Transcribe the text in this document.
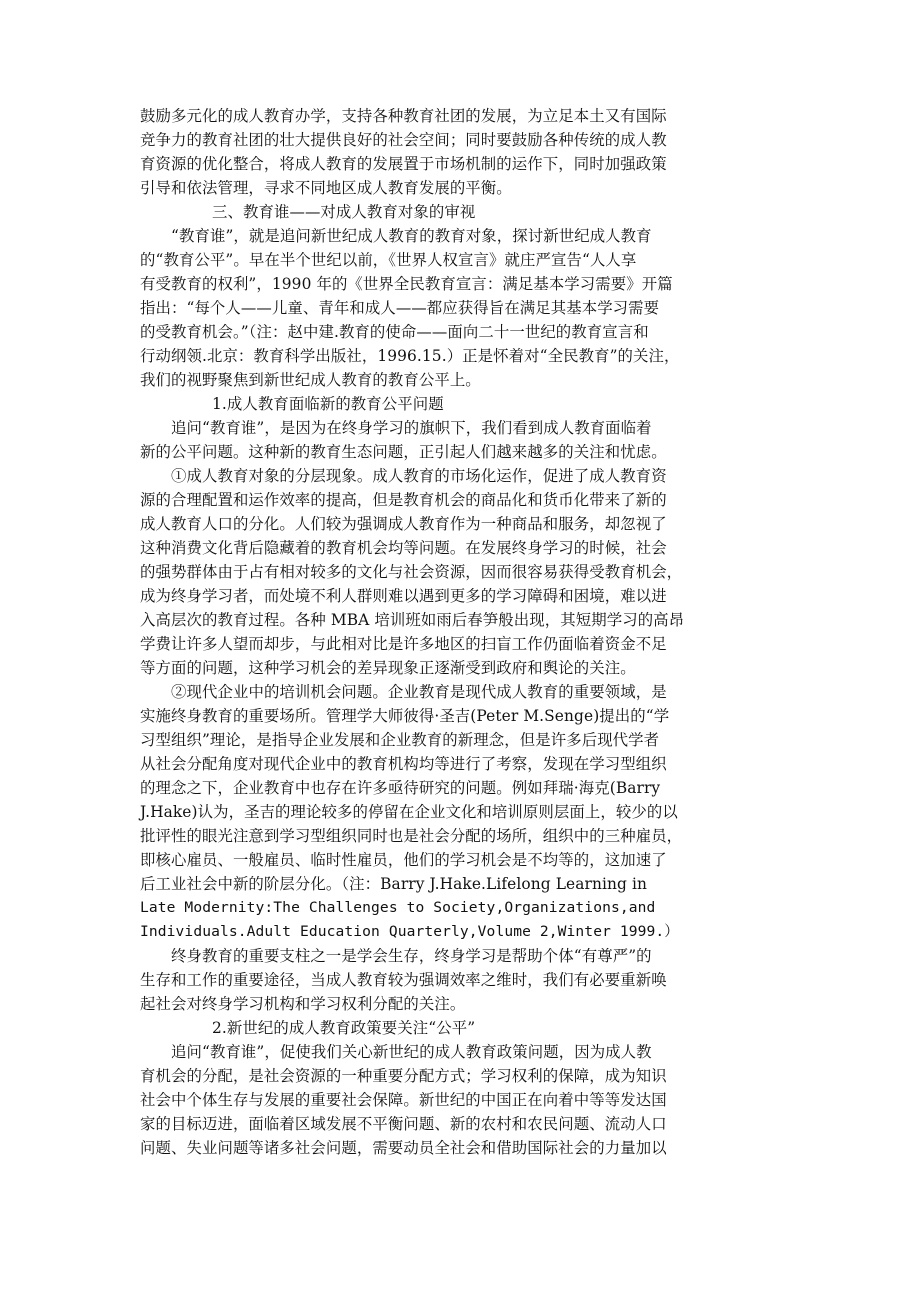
鼓励多元化的成人教育办学，支持各种教育社团的发展，为立足本土又有国际
竞争力的教育社团的壮大提供良好的社会空间；同时要鼓励各种传统的成人教
育资源的优化整合，将成人教育的发展置于市场机制的运作下，同时加强政策
引导和依法管理，寻求不同地区成人教育发展的平衡。
三、教育谁——对成人教育对象的审视
“教育谁”，就是追问新世纪成人教育的教育对象，探讨新世纪成人教育
的“教育公平”。早在半个世纪以前，《世界人权宣言》就庄严宣告“人人享
有受教育的权利”，1990 年的《世界全民教育宣言：满足基本学习需要》开篇
指出：“每个人——儿童、青年和成人——都应获得旨在满足其基本学习需要
的受教育机会。”（注：赵中建.教育的使命——面向二十一世纪的教育宣言和
行动纲领.北京：教育科学出版社，1996.15.）正是怀着对“全民教育”的关注，
我们的视野聚焦到新世纪成人教育的教育公平上。
1.成人教育面临新的教育公平问题
追问“教育谁”，是因为在终身学习的旗帜下，我们看到成人教育面临着
新的公平问题。这种新的教育生态问题，正引起人们越来越多的关注和忧虑。
①成人教育对象的分层现象。成人教育的市场化运作，促进了成人教育资
源的合理配置和运作效率的提高，但是教育机会的商品化和货币化带来了新的
成人教育人口的分化。人们较为强调成人教育作为一种商品和服务，却忽视了
这种消费文化背后隐藏着的教育机会均等问题。在发展终身学习的时候，社会
的强势群体由于占有相对较多的文化与社会资源，因而很容易获得受教育机会，
成为终身学习者，而处境不利人群则难以遇到更多的学习障碍和困境，难以进
入高层次的教育过程。各种 MBA 培训班如雨后春笋般出现，其短期学习的高昂
学费让许多人望而却步，与此相对比是许多地区的扫盲工作仍面临着资金不足
等方面的问题，这种学习机会的差异现象正逐渐受到政府和舆论的关注。
②现代企业中的培训机会问题。企业教育是现代成人教育的重要领域，是
实施终身教育的重要场所。管理学大师彼得·圣吉(Peter M.Senge)提出的“学
习型组织”理论，是指导企业发展和企业教育的新理念，但是许多后现代学者
从社会分配角度对现代企业中的教育机构均等进行了考察，发现在学习型组织
的理念之下，企业教育中也存在许多亟待研究的问题。例如拜瑞·海克(Barry
J.Hake)认为，圣吉的理论较多的停留在企业文化和培训原则层面上，较少的以
批评性的眼光注意到学习型组织同时也是社会分配的场所，组织中的三种雇员，
即核心雇员、一般雇员、临时性雇员，他们的学习机会是不均等的，这加速了
后工业社会中新的阶层分化。（注：Barry J.Hake.Lifelong Learning in
Late Modernity:The Challenges to Society,Organizations,and
Individuals.Adult Education Quarterly,Volume 2,Winter 1999.）
终身教育的重要支柱之一是学会生存，终身学习是帮助个体“有尊严”的
生存和工作的重要途径，当成人教育较为强调效率之维时，我们有必要重新唤
起社会对终身学习机构和学习权利分配的关注。
2.新世纪的成人教育政策要关注“公平”
追问“教育谁”，促使我们关心新世纪的成人教育政策问题，因为成人教
育机会的分配，是社会资源的一种重要分配方式；学习权利的保障，成为知识
社会中个体生存与发展的重要社会保障。新世纪的中国正在向着中等等发达国
家的目标迈进，面临着区域发展不平衡问题、新的农村和农民问题、流动人口
问题、失业问题等诸多社会问题，需要动员全社会和借助国际社会的力量加以
